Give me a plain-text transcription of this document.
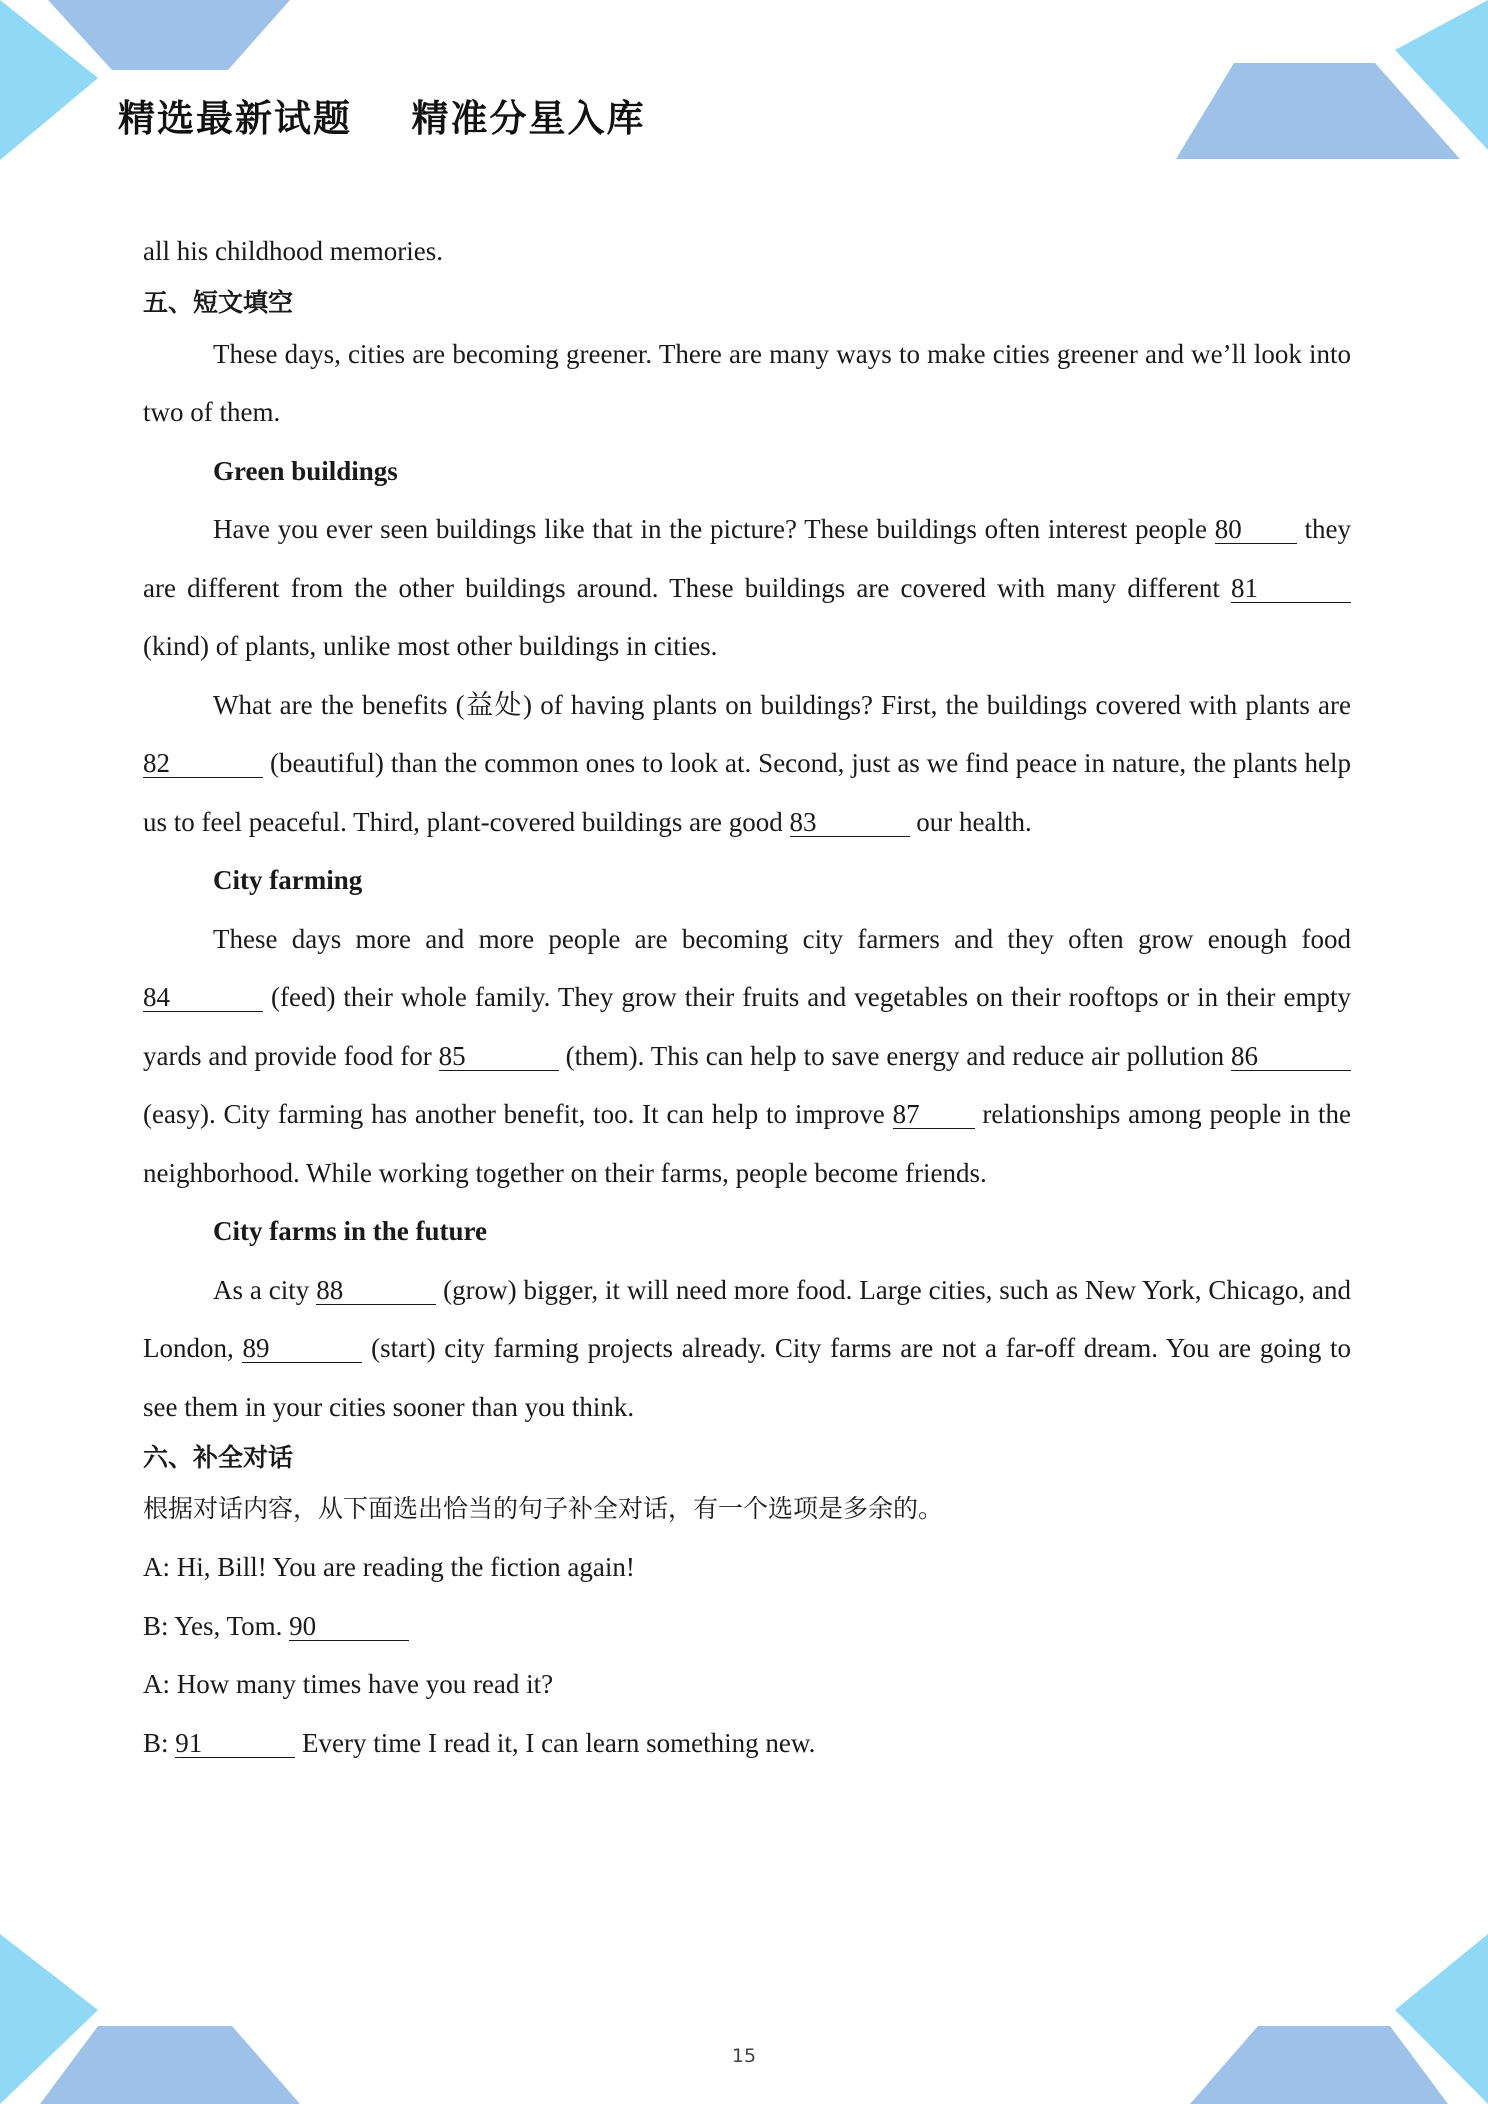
精选最新试题　 精准分星入库

all his childhood memories.

五、短文填空

These days, cities are becoming greener. There are many ways to make cities greener and we’ll look into two of them.

Green buildings

Have you ever seen buildings like that in the picture? These buildings often interest people 80 they are different from the other buildings around. These buildings are covered with many different 81 (kind) of plants, unlike most other buildings in cities.

What are the benefits (益处) of having plants on buildings? First, the buildings covered with plants are 82	(beautiful) than the common ones to look at. Second, just as we find peace in nature, the plants help us to feel peaceful. Third, plant-covered buildings are good 83	our health.

City farming

These days more and more people are becoming city farmers and they often grow enough food 84	(feed) their whole family. They grow their fruits and vegetables on their rooftops or in their empty yards and provide food for 85	(them). This can help to save energy and reduce air pollution 86 (easy). City farming has another benefit, too. It can help to improve 87 relationships among people in the neighborhood. While working together on their farms, people become friends.

City farms in the future

As a city 88	(grow) bigger, it will need more food. Large cities, such as New York, Chicago, and London, 89	(start) city farming projects already. City farms are not a far-off dream. You are going to see them in your cities sooner than you think.

六、补全对话

根据对话内容，从下面选出恰当的句子补全对话，有一个选项是多余的。

A: Hi, Bill! You are reading the fiction again!

B: Yes, Tom. 90

A: How many times have you read it?

B: 91	Every time I read it, I can learn something new.

15
